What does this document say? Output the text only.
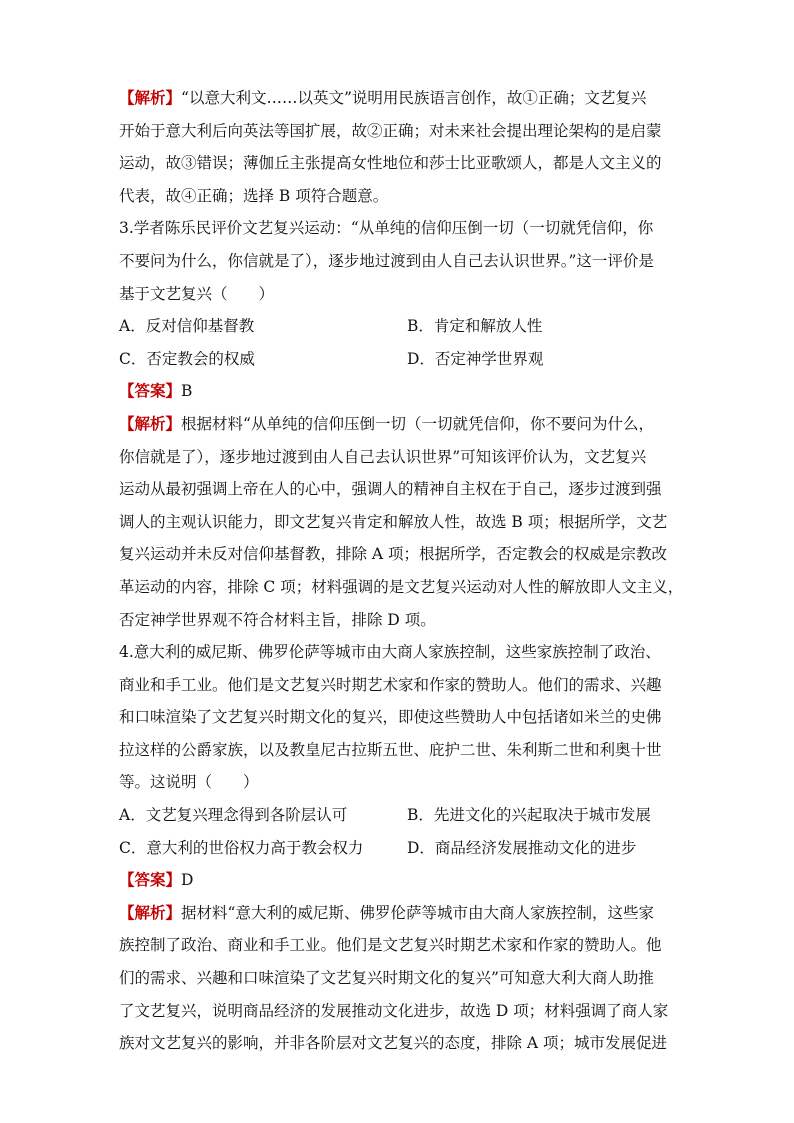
【解析】“以意大利文……以英文”说明用民族语言创作，故①正确；文艺复兴
开始于意大利后向英法等国扩展，故②正确；对未来社会提出理论架构的是启蒙
运动，故③错误；薄伽丘主张提高女性地位和莎士比亚歌颂人，都是人文主义的
代表，故④正确；选择 B 项符合题意。
3.学者陈乐民评价文艺复兴运动：“从单纯的信仰压倒一切（一切就凭信仰，你
不要问为什么，你信就是了），逐步地过渡到由人自己去认识世界。”这一评价是
基于文艺复兴（　　）
A．反对信仰基督教	B．肯定和解放人性
C．否定教会的权威	D．否定神学世界观
【答案】B
【解析】根据材料“从单纯的信仰压倒一切（一切就凭信仰，你不要问为什么，
你信就是了），逐步地过渡到由人自己去认识世界”可知该评价认为，文艺复兴
运动从最初强调上帝在人的心中，强调人的精神自主权在于自己，逐步过渡到强
调人的主观认识能力，即文艺复兴肯定和解放人性，故选 B 项；根据所学，文艺
复兴运动并未反对信仰基督教，排除 A 项；根据所学，否定教会的权威是宗教改
革运动的内容，排除 C 项；材料强调的是文艺复兴运动对人性的解放即人文主义，
否定神学世界观不符合材料主旨，排除 D 项。
4.意大利的威尼斯、佛罗伦萨等城市由大商人家族控制，这些家族控制了政治、
商业和手工业。他们是文艺复兴时期艺术家和作家的赞助人。他们的需求、兴趣
和口味渲染了文艺复兴时期文化的复兴，即使这些赞助人中包括诸如米兰的史佛
拉这样的公爵家族，以及教皇尼古拉斯五世、庇护二世、朱利斯二世和利奥十世
等。这说明（　　）
A．文艺复兴理念得到各阶层认可	B．先进文化的兴起取决于城市发展
C．意大利的世俗权力高于教会权力	D．商品经济发展推动文化的进步
【答案】D
【解析】据材料“意大利的威尼斯、佛罗伦萨等城市由大商人家族控制，这些家
族控制了政治、商业和手工业。他们是文艺复兴时期艺术家和作家的赞助人。他
们的需求、兴趣和口味渲染了文艺复兴时期文化的复兴”可知意大利大商人助推
了文艺复兴，说明商品经济的发展推动文化进步，故选 D 项；材料强调了商人家
族对文艺复兴的影响，并非各阶层对文艺复兴的态度，排除 A 项；城市发展促进
